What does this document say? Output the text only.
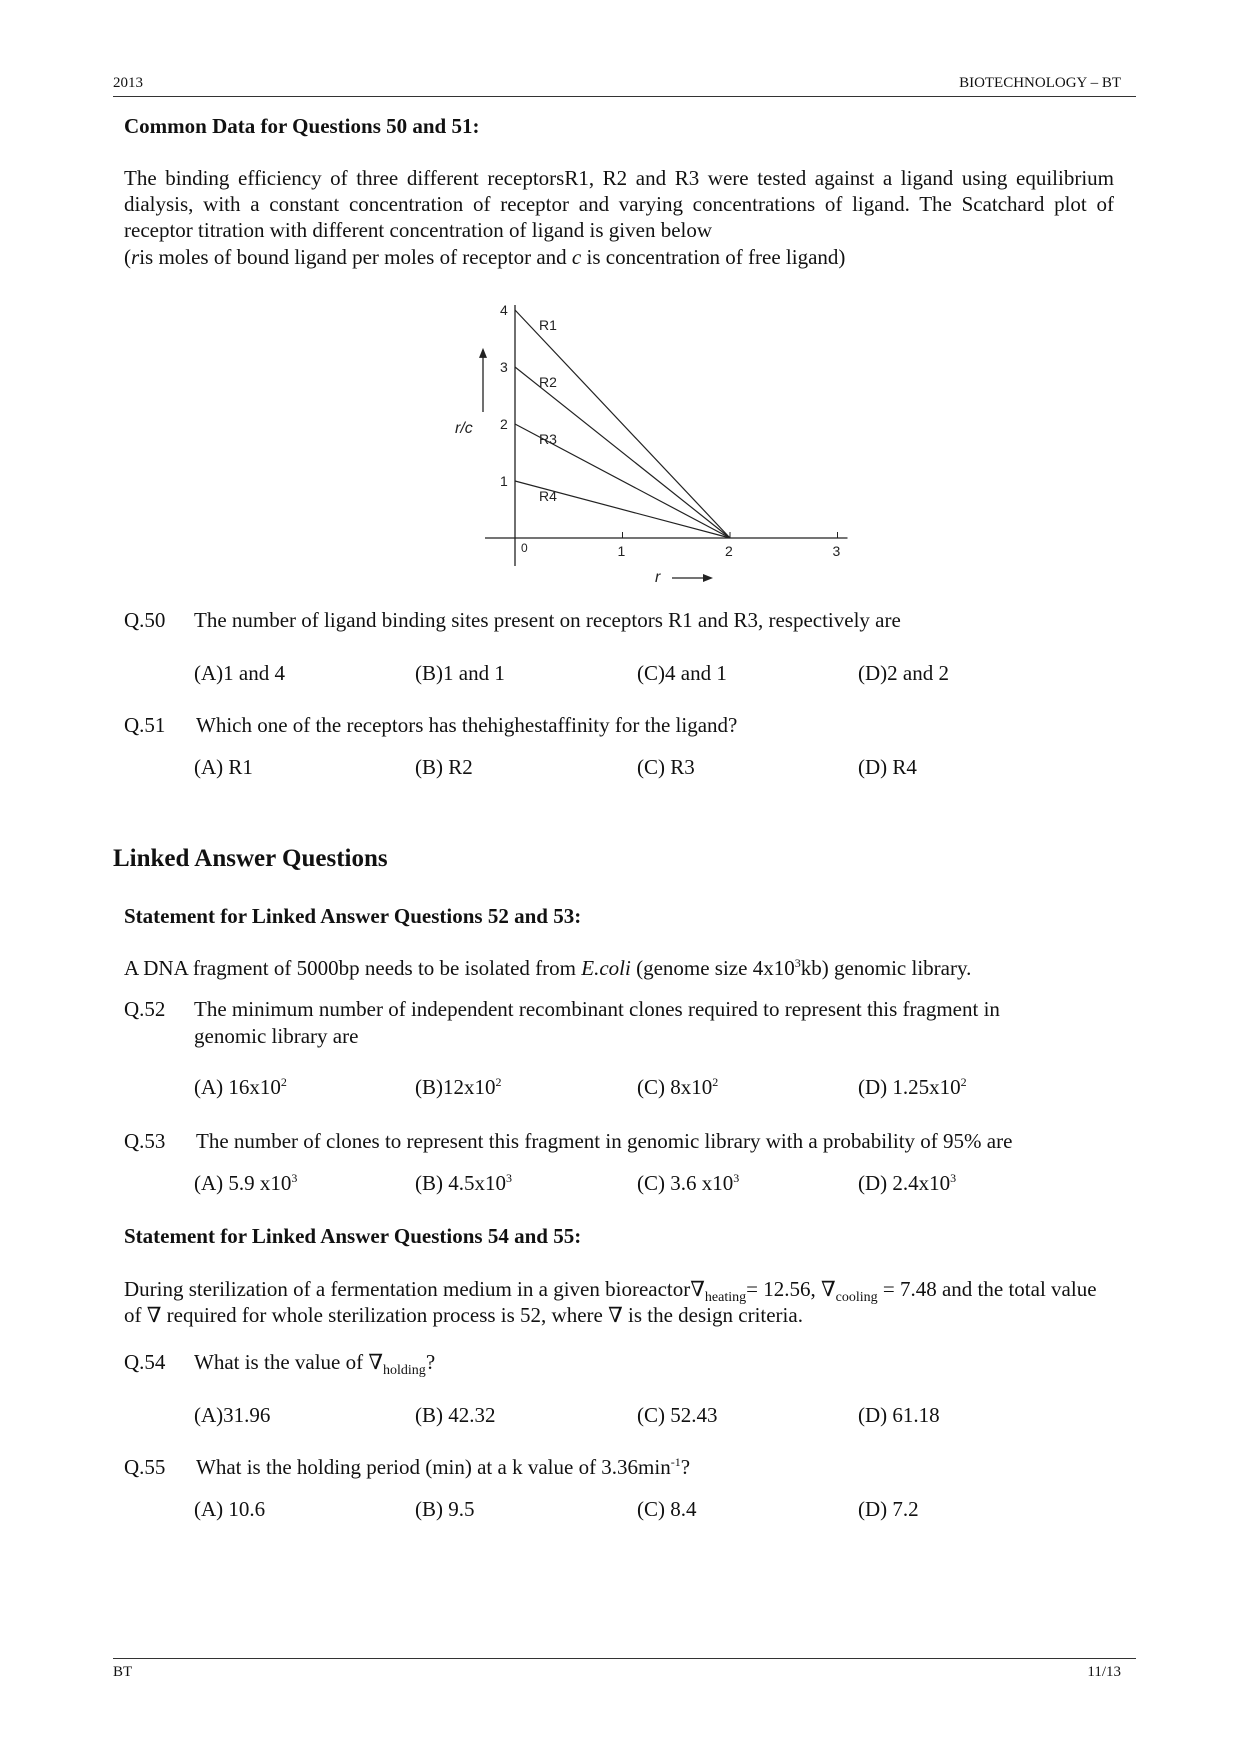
2013	BIOTECHNOLOGY – BT
Common Data for Questions 50 and 51:
The binding efficiency of three different receptorsR1, R2 and R3 were tested against a ligand using equilibrium dialysis, with a constant concentration of receptor and varying concentrations of ligand. The Scatchard plot of receptor titration with different concentration of ligand is given below
(ris moles of bound ligand per moles of receptor and c is concentration of free ligand)
0	1	2	3
1
2
3
4
R1
R2
R3
R4
r/c
r
Q.50 The number of ligand binding sites present on receptors R1 and R3, respectively are
(A)1 and 4	(B)1 and 1	(C)4 and 1	(D)2 and 2
Q.51 Which one of the receptors has thehighestaffinity for the ligand?
(A) R1	(B) R2	(C) R3	(D) R4
Linked Answer Questions
Statement for Linked Answer Questions 52 and 53:
A DNA fragment of 5000bp needs to be isolated from E.coli (genome size $4x10^3kb$) genomic library.
Q.52 The minimum number of independent recombinant clones required to represent this fragment in
genomic library are
(A) $16x10^2$	$(B)12x10^2$	(C) $8x10^2$	(D) $1.25x10^2$
Q.53 The number of clones to represent this fragment in genomic library with a probability of 95% are
(A) 5.9 $x10^3$	(B) $4.5x10^3$	(C) 3.6 $x10^3$	(D) $2.4x10^3$
Statement for Linked Answer Questions 54 and 55:
During sterilization of a fermentation medium in a given $bioreactor\nabla_{heating}= 12.56$, $\nabla_{cooling} = 7.48$ and the total value of ∇ required for whole sterilization process is 52, where ∇ is the design criteria.
Q.54 What is the value of $\nabla_{holding}$?
(A)31.96	(B) 42.32	(C) 52.43	(D) 61.18
Q.55 What is the holding period (min) at a k value of $3.36\min^{-1}$?
(A) 10.6	(B) 9.5	(C) 8.4	(D) 7.2
BT	11/13
